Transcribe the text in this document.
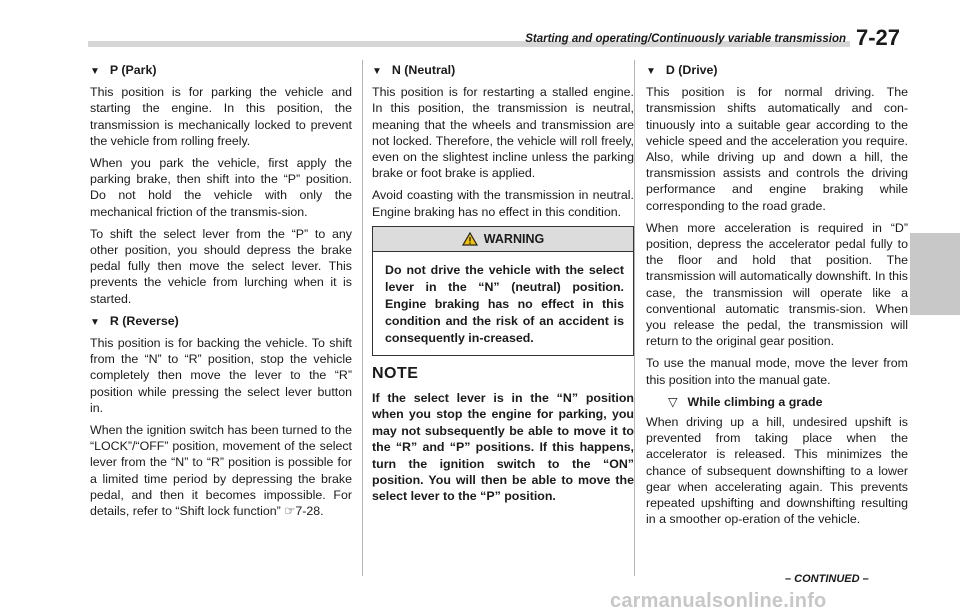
Starting and operating/Continuously variable transmission 7-27
▼ P (Park)

This position is for parking the vehicle and starting the engine. In this position, the transmission is mechanically locked to prevent the vehicle from rolling freely.

When you park the vehicle, first apply the parking brake, then shift into the “P” position. Do not hold the vehicle with only the mechanical friction of the transmis-sion.

To shift the select lever from the “P” to any other position, you should depress the brake pedal fully then move the select lever. This prevents the vehicle from lurching when it is started.

▼ R (Reverse)

This position is for backing the vehicle. To shift from the “N” to “R” position, stop the vehicle completely then move the lever to the “R” position while pressing the select lever button in.

When the ignition switch has been turned to the “LOCK”/“OFF” position, movement of the select lever from the “N” to “R” position is possible for a limited time period by depressing the brake pedal, and then it becomes impossible. For details, refer to “Shift lock function” ☞7-28.

▼ N (Neutral)

This position is for restarting a stalled engine. In this position, the transmission is neutral, meaning that the wheels and transmission are not locked. Therefore, the vehicle will roll freely, even on the slightest incline unless the parking brake or foot brake is applied.

Avoid coasting with the transmission in neutral. Engine braking has no effect in this condition.

WARNING
Do not drive the vehicle with the select lever in the “N” (neutral) position. Engine braking has no effect in this condition and the risk of an accident is consequently in-creased.
NOTE
If the select lever is in the “N” position when you stop the engine for parking, you may not subsequently be able to move it to the “R” and “P” positions. If this happens, turn the ignition switch to the “ON” position. You will then be able to move the select lever to the “P” position.
▼ D (Drive)

This position is for normal driving. The transmission shifts automatically and con-tinuously into a suitable gear according to the vehicle speed and the acceleration you require. Also, while driving up and down a hill, the transmission assists and controls the driving performance and engine braking while corresponding to the road grade.

When more acceleration is required in “D” position, depress the accelerator pedal fully to the floor and hold that position. The transmission will automatically downshift. In this case, the transmission will operate like a conventional automatic transmis-sion. When you release the pedal, the transmission will return to the original gear position.

To use the manual mode, move the lever from this position into the manual gate.

▽ While climbing a grade

When driving up a hill, undesired upshift is prevented from taking place when the accelerator is released. This minimizes the chance of subsequent downshifting to a lower gear when accelerating again. This prevents repeated upshifting and downshifting resulting in a smoother op-eration of the vehicle.

– CONTINUED –
carmanualsonline.info
